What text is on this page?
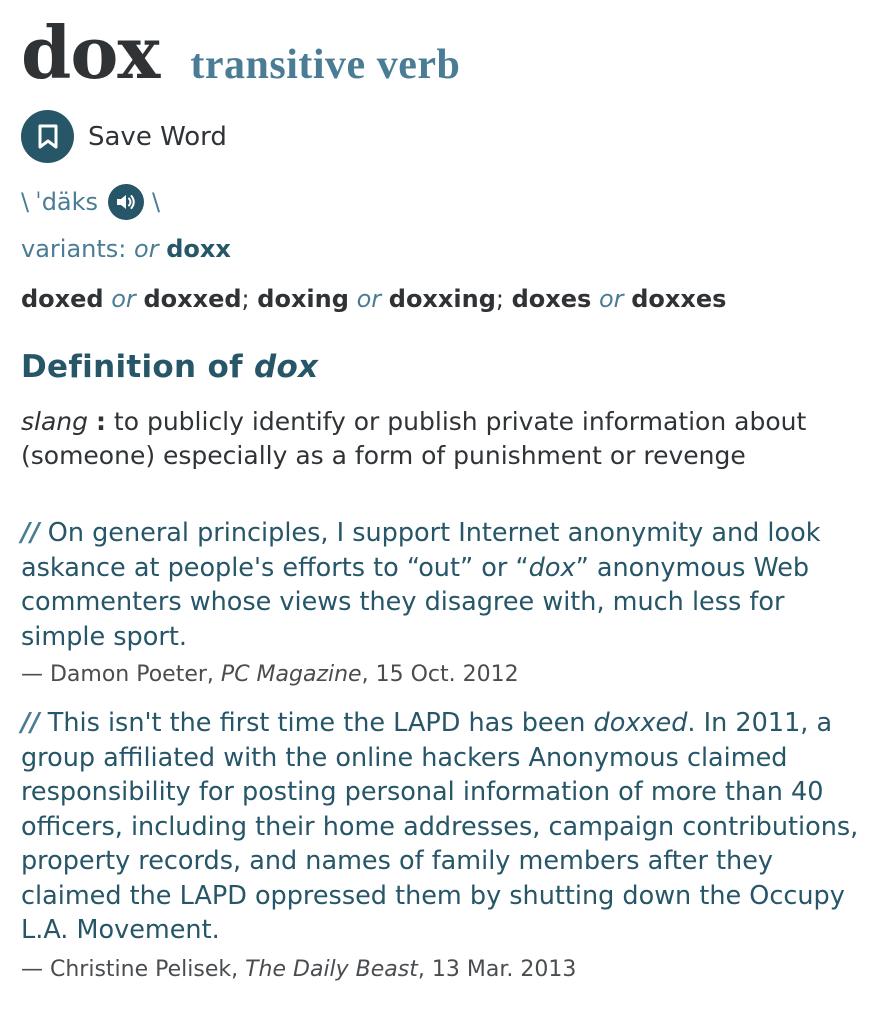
dox transitive verb
Save Word
\ ˈdäks \
variants: or doxx
doxed or doxxed; doxing or doxxing; doxes or doxxes
Definition of dox
slang : to publicly identify or publish private information about (someone) especially as a form of punishment or revenge
// On general principles, I support Internet anonymity and look askance at people's efforts to “out” or “dox” anonymous Web commenters whose views they disagree with, much less for simple sport.
— Damon Poeter, PC Magazine, 15 Oct. 2012
// This isn't the first time the LAPD has been doxxed. In 2011, a group affiliated with the online hackers Anonymous claimed responsibility for posting personal information of more than 40 officers, including their home addresses, campaign contributions, property records, and names of family members after they claimed the LAPD oppressed them by shutting down the Occupy L.A. Movement.
— Christine Pelisek, The Daily Beast, 13 Mar. 2013
